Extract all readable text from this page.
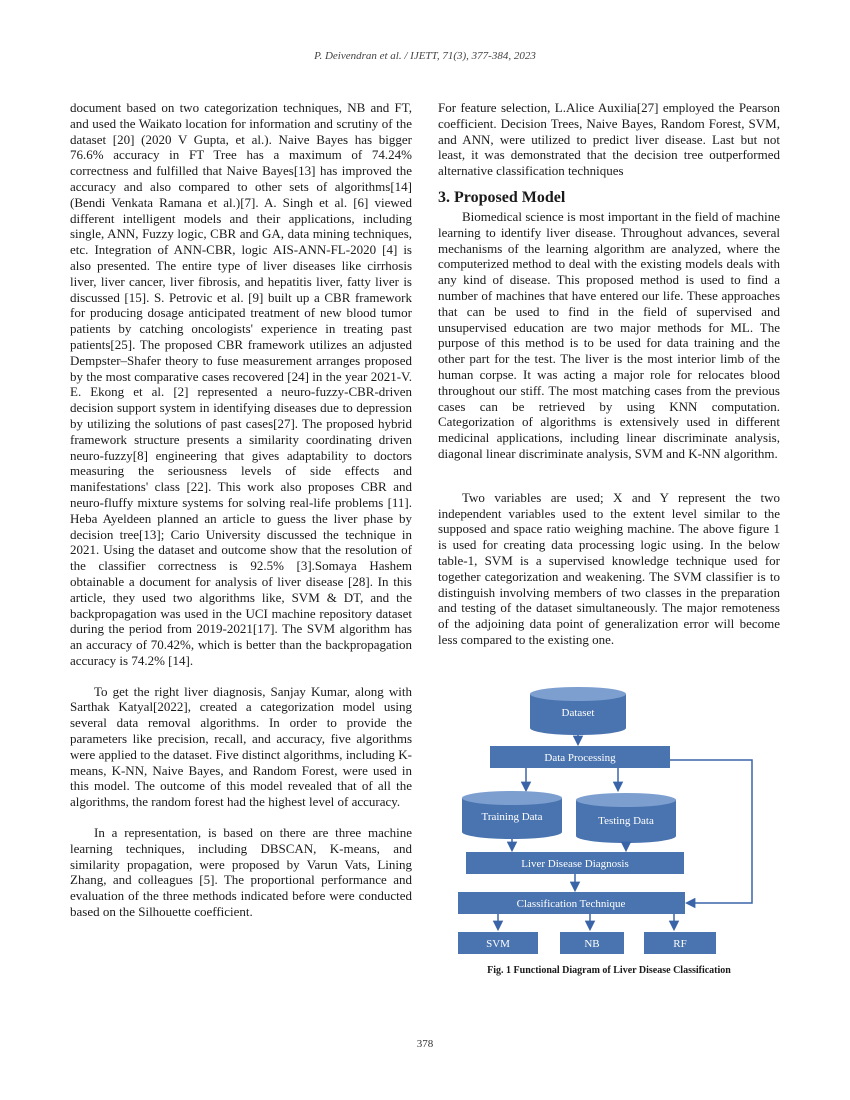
P. Deivendran et al. / IJETT, 71(3), 377-384, 2023

document based on two categorization techniques, NB and FT, and used the Waikato location for information and scrutiny of the dataset [20] (2020 V Gupta, et al.). Naive Bayes has bigger 76.6% accuracy in FT Tree has a maximum of 74.24% correctness and fulfilled that Naive Bayes[13] has improved the accuracy and also compared to other sets of algorithms[14] (Bendi Venkata Ramana et al.)[7]. A. Singh et al. [6] viewed different intelligent models and their applications, including single, ANN, Fuzzy logic, CBR and GA, data mining techniques, etc. Integration of ANN-CBR, logic AIS-ANN-FL-2020 [4] is also presented. The entire type of liver diseases like cirrhosis liver, liver cancer, liver fibrosis, and hepatitis liver, fatty liver is discussed [15]. S. Petrovic et al. [9] built up a CBR framework for producing dosage anticipated treatment of new blood tumor patients by catching oncologists' experience in treating past patients[25]. The proposed CBR framework utilizes an adjusted Dempster–Shafer theory to fuse measurement arranges proposed by the most comparative cases recovered [24] in the year 2021-V. E. Ekong et al. [2] represented a neuro-fuzzy-CBR-driven decision support system in identifying diseases due to depression by utilizing the solutions of past cases[27]. The proposed hybrid framework structure presents a similarity coordinating driven neuro-fuzzy[8] engineering that gives adaptability to doctors measuring the seriousness levels of side effects and manifestations' class [22]. This work also proposes CBR and neuro-fluffy mixture systems for solving real-life problems [11]. Heba Ayeldeen planned an article to guess the liver phase by decision tree[13]; Cario University discussed the technique in 2021. Using the dataset and outcome show that the resolution of the classifier correctness is 92.5% [3].Somaya Hashem obtainable a document for analysis of liver disease [28]. In this article, they used two algorithms like, SVM & DT, and the backpropagation was used in the UCI machine repository dataset during the period from 2019-2021[17]. The SVM algorithm has an accuracy of 70.42%, which is better than the backpropagation accuracy is 74.2% [14].

To get the right liver diagnosis, Sanjay Kumar, along with Sarthak Katyal[2022], created a categorization model using several data removal algorithms. In order to provide the parameters like precision, recall, and accuracy, five algorithms were applied to the dataset. Five distinct algorithms, including K-means, K-NN, Naive Bayes, and Random Forest, were used in this model. The outcome of this model revealed that of all the algorithms, the random forest had the highest level of accuracy.

In a representation, is based on there are three machine learning techniques, including DBSCAN, K-means, and similarity propagation, were proposed by Varun Vats, Lining Zhang, and colleagues [5]. The proportional performance and evaluation of the three methods indicated before were conducted based on the Silhouette coefficient.

For feature selection, L.Alice Auxilia[27] employed the Pearson coefficient. Decision Trees, Naive Bayes, Random Forest, SVM, and ANN, were utilized to predict liver disease. Last but not least, it was demonstrated that the decision tree outperformed alternative classification techniques

3. Proposed Model

Biomedical science is most important in the field of machine learning to identify liver disease. Throughout advances, several mechanisms of the learning algorithm are analyzed, where the computerized method to deal with the existing models deals with any kind of disease. This proposed method is used to find a number of machines that have entered our life. These approaches that can be used to find in the field of supervised and unsupervised education are two major methods for ML. The purpose of this method is to be used for data training and the other part for the test. The liver is the most interior limb of the human corpse. It was acting a major role for relocates blood throughout our stiff. The most matching cases from the previous cases can be retrieved by using KNN computation. Categorization of algorithms is extensively used in different medicinal applications, including linear discriminate analysis, diagonal linear discriminate analysis, SVM and K-NN algorithm.

Two variables are used; X and Y represent the two independent variables used to the extent level similar to the supposed and space ratio weighing machine. The above figure 1 is used for creating data processing logic using. In the below table-1, SVM is a supervised knowledge technique used for together categorization and weakening. The SVM classifier is to distinguish involving members of two classes in the preparation and testing of the dataset simultaneously. The major remoteness of the adjoining data point of generalization error will become less compared to the existing one.

Dataset
Data Processing
Training Data	Testing Data
Liver Disease Diagnosis
Classification Technique
SVM	NB	RF
Fig. 1 Functional Diagram of Liver Disease Classification
378
